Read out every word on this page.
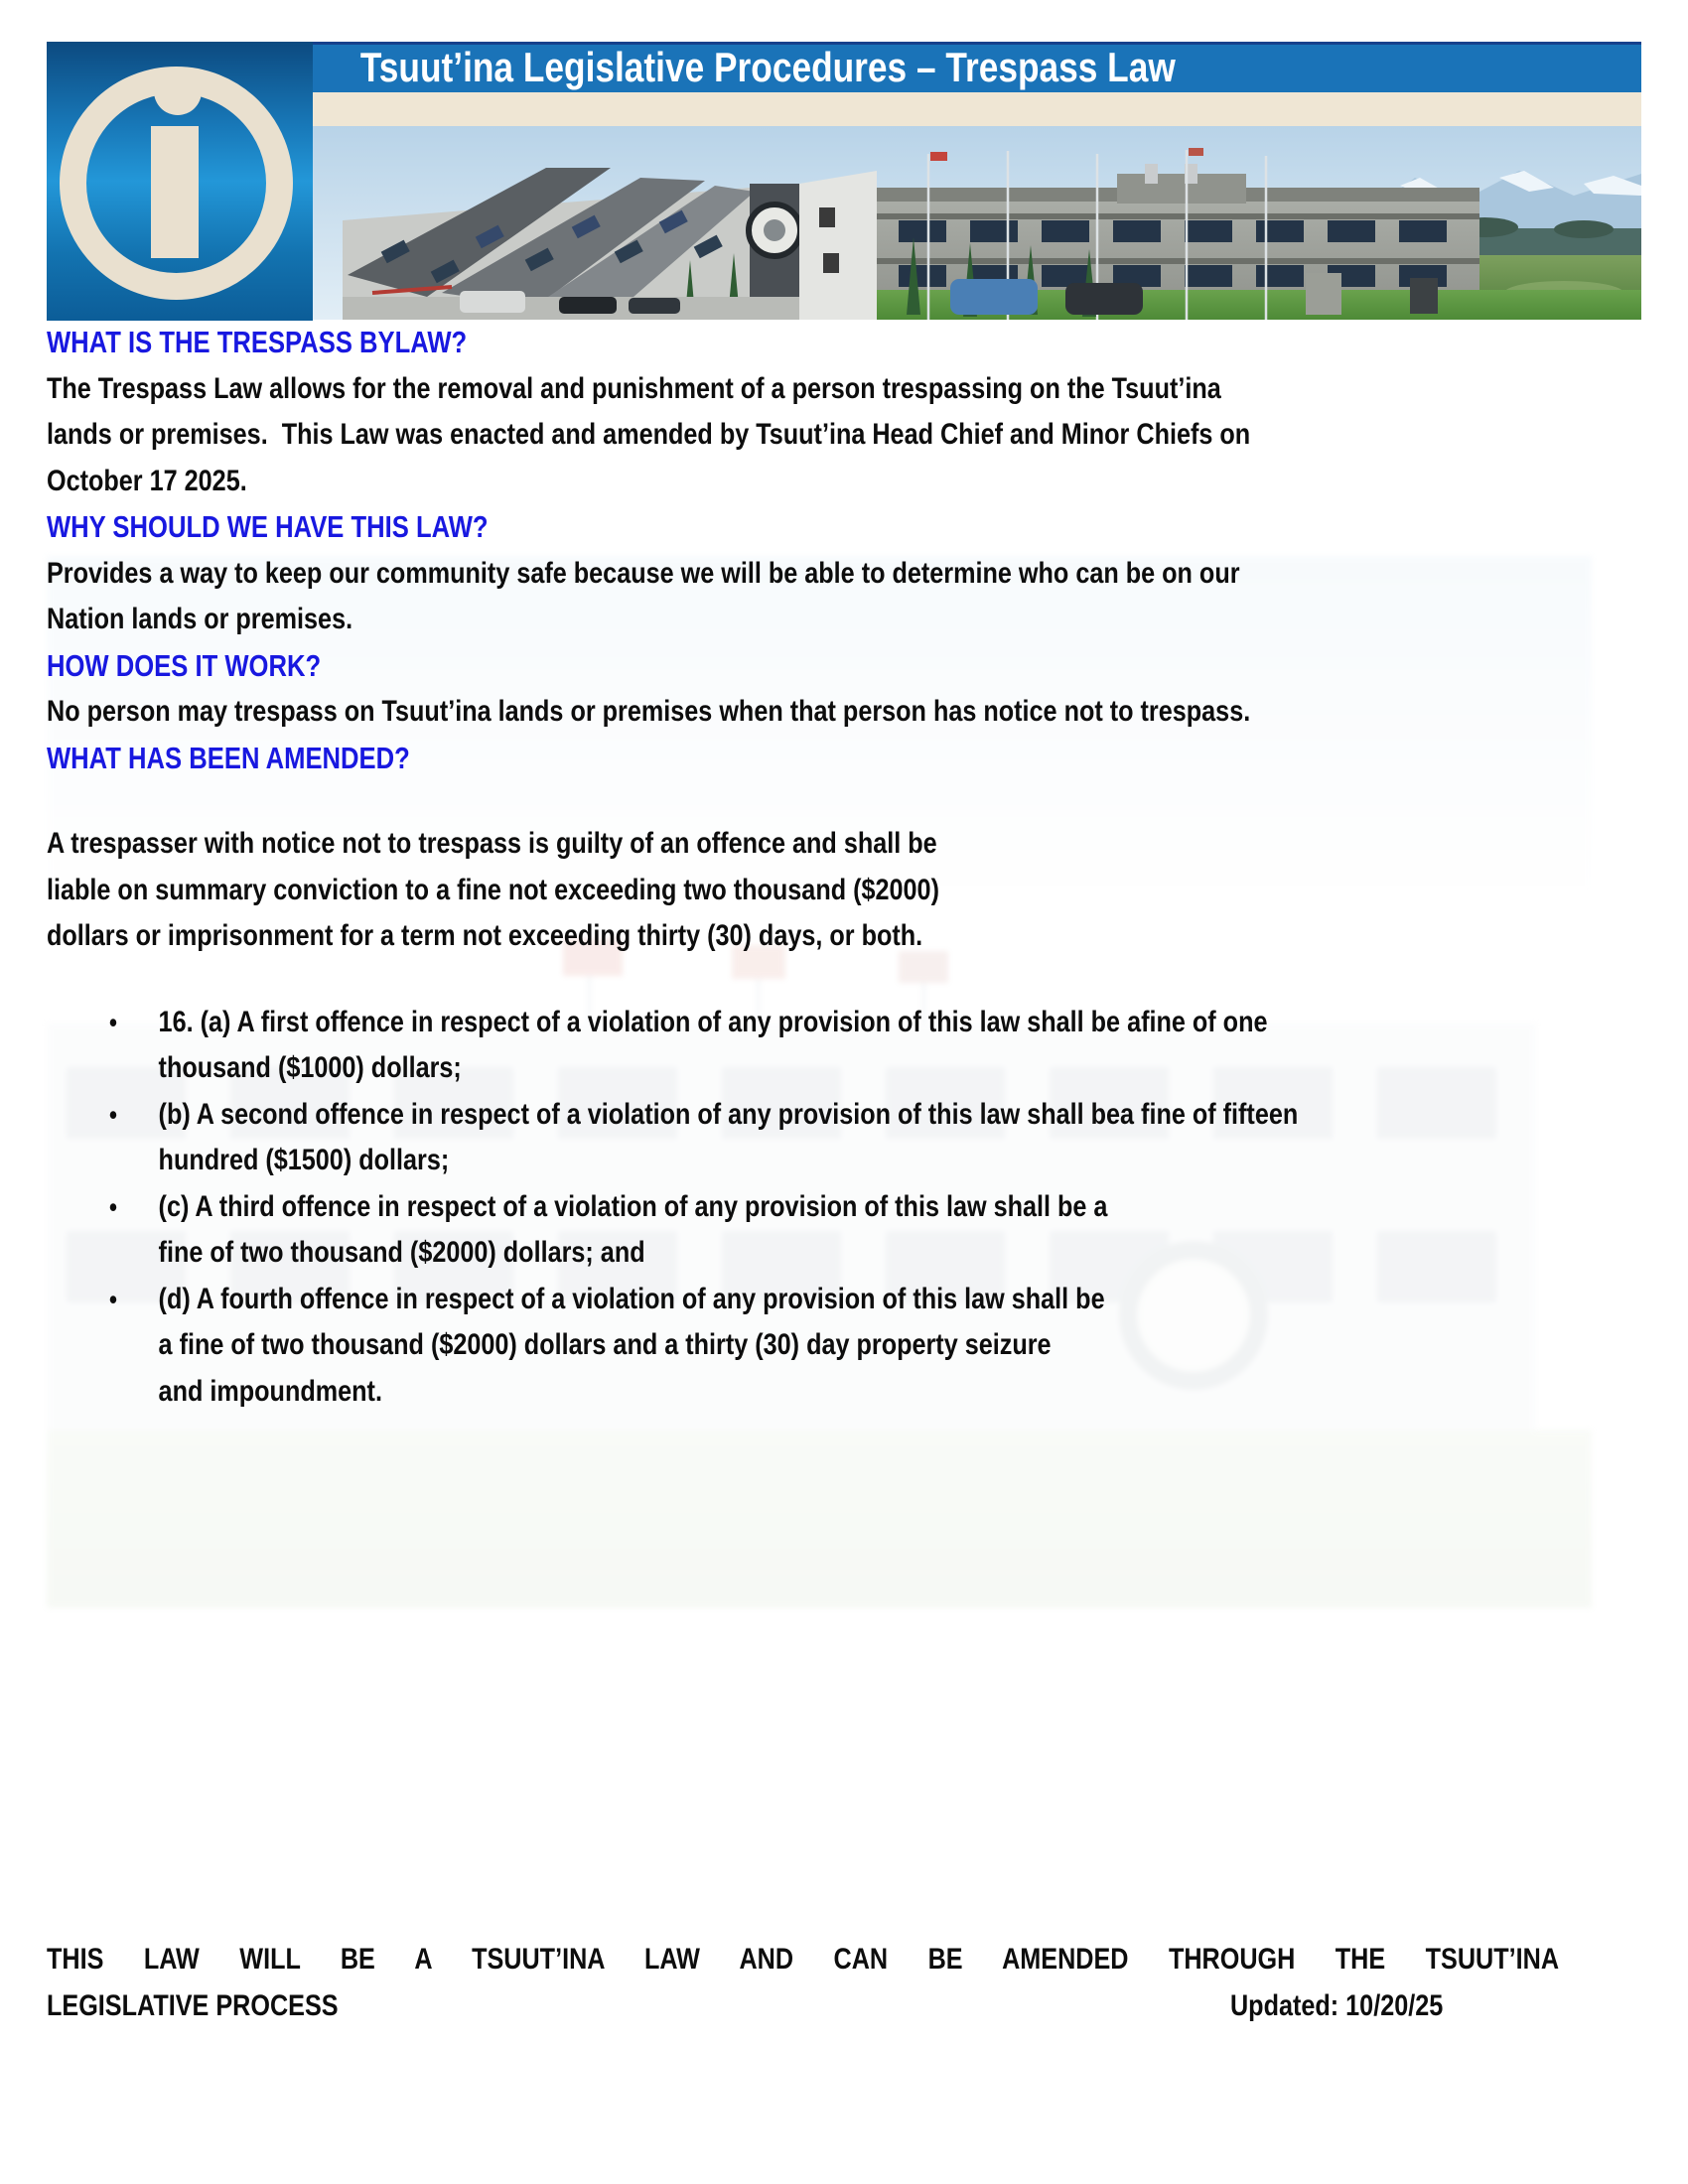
Tsuut’ina Legislative Procedures – Trespass Law
WHAT IS THE TRESPASS BYLAW?

The Trespass Law allows for the removal and punishment of a person trespassing on the Tsuut’ina
lands or premises.  This Law was enacted and amended by Tsuut’ina Head Chief and Minor Chiefs on
October 17 2025.

WHY SHOULD WE HAVE THIS LAW?

Provides a way to keep our community safe because we will be able to determine who can be on our
Nation lands or premises.

HOW DOES IT WORK?

No person may trespass on Tsuut’ina lands or premises when that person has notice not to trespass.

WHAT HAS BEEN AMENDED?

A trespasser with notice not to trespass is guilty of an offence and shall be
liable on summary conviction to a fine not exceeding two thousand ($2000)
dollars or imprisonment for a term not exceeding thirty (30) days, or both.

• 16. (a) A first offence in respect of a violation of any provision of this law shall be afine of one
thousand ($1000) dollars;
• (b) A second offence in respect of a violation of any provision of this law shall bea fine of fifteen
hundred ($1500) dollars;
• (c) A third offence in respect of a violation of any provision of this law shall be a
fine of two thousand ($2000) dollars; and
• (d) A fourth offence in respect of a violation of any provision of this law shall be
a fine of two thousand ($2000) dollars and a thirty (30) day property seizure
and impoundment.
THIS LAW WILL BE A TSUUT’INA LAW AND CAN BE AMENDED THROUGH THE TSUUT’INA
LEGISLATIVE PROCESS	Updated: 10/20/25
